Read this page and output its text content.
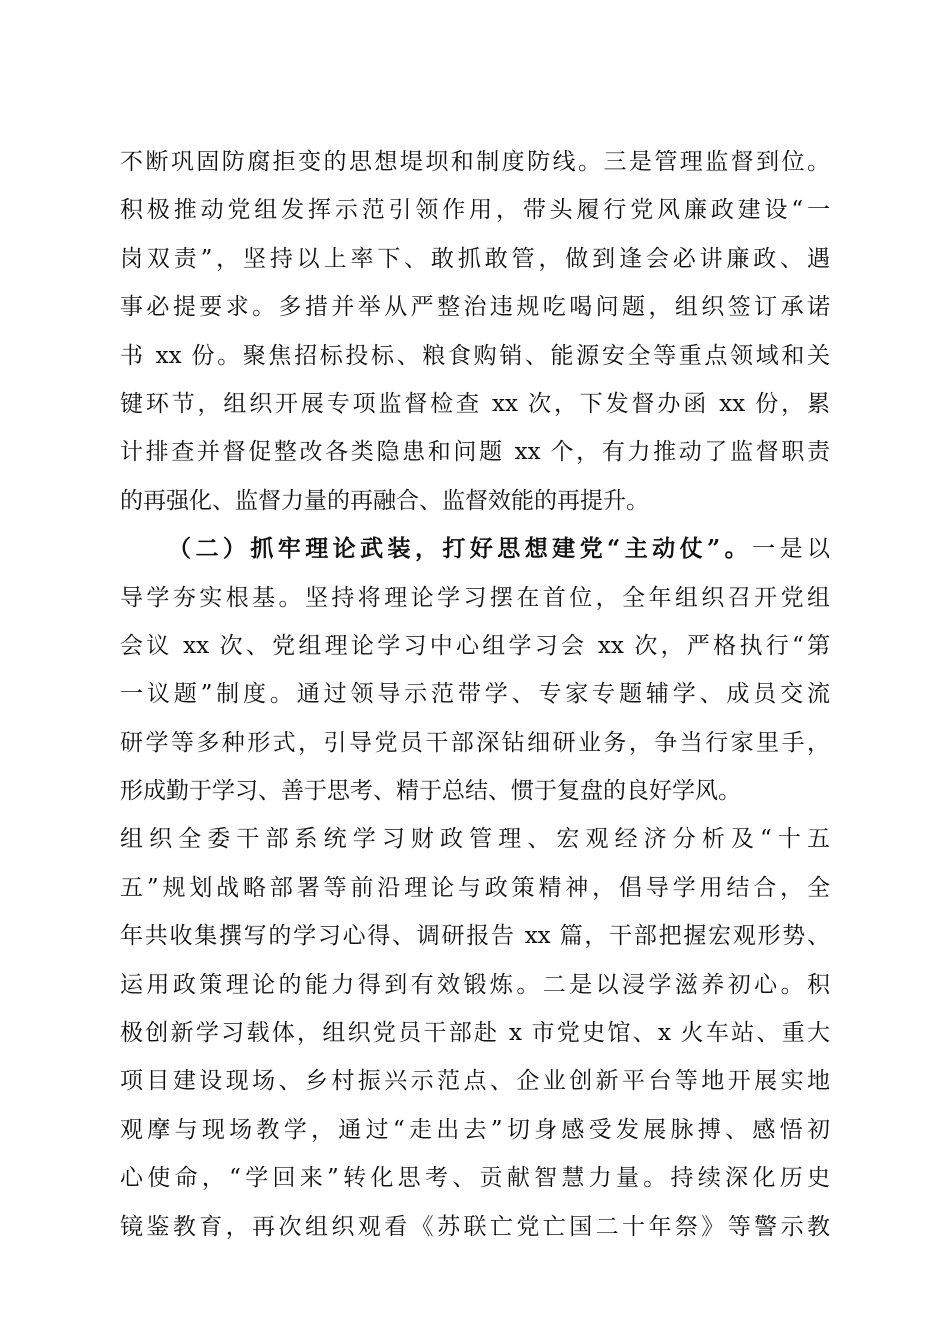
不断巩固防腐拒变的思想堤坝和制度防线。三是管理监督到位。
积极推动党组发挥示范引领作用，带头履行党风廉政建设“一
岗双责”，坚持以上率下、敢抓敢管，做到逢会必讲廉政、遇
事必提要求。多措并举从严整治违规吃喝问题，组织签订承诺
书 xx 份。聚焦招标投标、粮食购销、能源安全等重点领域和关
键环节，组织开展专项监督检查 xx 次，下发督办函 xx 份，累
计排查并督促整改各类隐患和问题 xx 个，有力推动了监督职责
的再强化、监督力量的再融合、监督效能的再提升。
（二）抓牢理论武装，打好思想建党“主动仗”。一是以
导学夯实根基。坚持将理论学习摆在首位，全年组织召开党组
会议 xx 次、党组理论学习中心组学习会 xx 次，严格执行“第
一议题”制度。通过领导示范带学、专家专题辅学、成员交流
研学等多种形式，引导党员干部深钻细研业务，争当行家里手，
形成勤于学习、善于思考、精于总结、惯于复盘的良好学风。
组织全委干部系统学习财政管理、宏观经济分析及“十五
五”规划战略部署等前沿理论与政策精神，倡导学用结合，全
年共收集撰写的学习心得、调研报告 xx 篇，干部把握宏观形势、
运用政策理论的能力得到有效锻炼。二是以浸学滋养初心。积
极创新学习载体，组织党员干部赴 x 市党史馆、x 火车站、重大
项目建设现场、乡村振兴示范点、企业创新平台等地开展实地
观摩与现场教学，通过“走出去”切身感受发展脉搏、感悟初
心使命，“学回来”转化思考、贡献智慧力量。持续深化历史
镜鉴教育，再次组织观看《苏联亡党亡国二十年祭》等警示教
